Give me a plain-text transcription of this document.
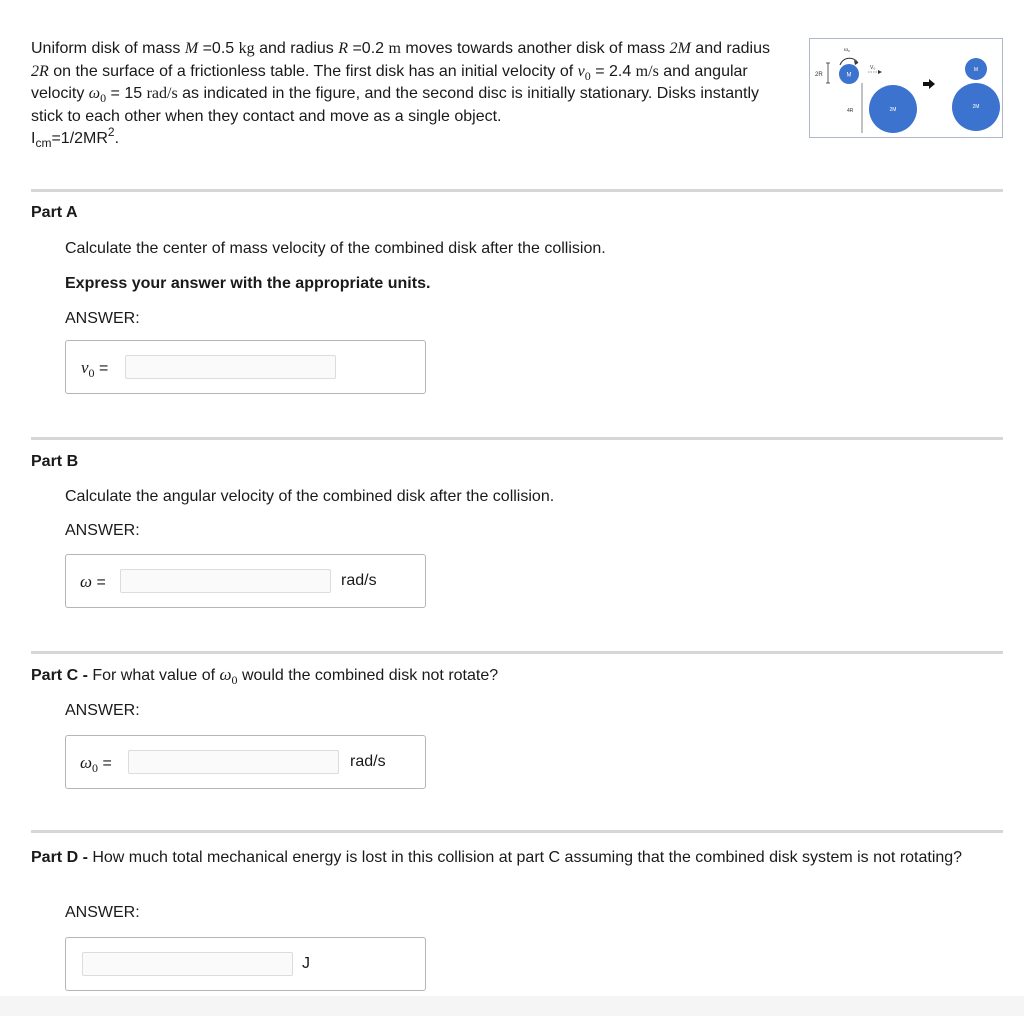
Uniform disk of mass M =0.5 kg and radius R =0.2 m moves towards another disk of mass 2M and radius 2R on the surface of a frictionless table. The first disk has an initial velocity of $v_0 = 2.4$ m/s and angular velocity $\omega_0 = 15$ rad/s as indicated in the figure, and the second disc is initially stationary. Disks instantly stick to each other when they contact and move as a single object.
$I_{cm}=1/2MR^2$.
2R
ω₀
M
V₀
4R	2M	2M
M
Part A
Calculate the center of mass velocity of the combined disk after the collision.
Express your answer with the appropriate units.
ANSWER:
$v_0$ =
Part B
Calculate the angular velocity of the combined disk after the collision.
ANSWER:
ω =	rad/s
Part C - For what value of $\omega_0$ would the combined disk not rotate?
ANSWER:
$\omega_0$ =	rad/s
Part D - How much total mechanical energy is lost in this collision at part C assuming that the combined disk system is not rotating?
ANSWER:
J
